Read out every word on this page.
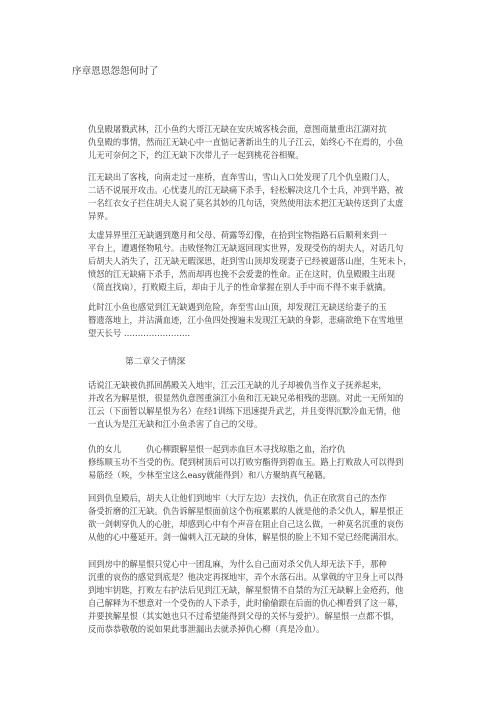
序章恩恩怨怨何时了
仇皇殿屠戮武林，江小鱼约大哥江无缺在安庆城客栈会面，意图商量重出江湖对抗
仇皇殿的事情，然而江无缺心中一直惦记著新出生的儿子江云，始终心不在焉的，小鱼
儿无可奈何之下，约江无缺下次带儿子一起到桃花谷相聚。
江无缺出了客栈，向南走过一座桥，直奔雪山，雪山入口处发现了几个仇皇殿门人，
二话不说展开攻击。心忧妻儿的江无缺痛下杀手，轻松解决这几个士兵，冲到半路，被
一名红衣女子拦住胡夫人说了莫名其妙的几句话，突然使用法术把江无缺传送到了太虚
异界。
太虚异界里江无缺遇到邀月和父母、荷露等幻像，在拾到宝物指路石后顺利来到一
平台上，遭遇怪物吼兮。击败怪物江无缺返回现实世界，发现受伤的胡夫人，对话几句
后胡夫人消失了，江无缺无暇深思，赶到雪山顶却发现妻子已经被逼落山崖，生死未卜，
愤怒的江无缺痛下杀手，然而却再也挽不会爱妻的性命。正在这时，仇皇殿殿主出现
（简直找扁），打败殿主后，却由于儿子的性命掌握在别人手中而不得不束手就擒。
此时江小鱼也感觉到江无缺遇到危险，奔至雪山山顶，却发现江无缺送给妻子的玉
簪遗落地上，并沾满血迹，江小鱼四处搜遍未发现江无缺的身影，悲痛欲绝下在雪地里
望天长号 ……………………
第二章父子情深
话说江无缺被仇抓回鹊殿关入地牢，江云江无缺的儿子却被仇当作义子抚养起来，
并改名为解星恨，很显然仇意图重演江小鱼和江无缺兄弟相残的悲剧。对此一无所知的
江云（下面暂以解星恨为名）在经1训练下迅速提升武艺，并且变得沉默冷血无情，他
一直认为是江无缺和江小鱼杀害了自己的父母。
仇的女儿　　　仇心柳跟解星恨一起到赤血巨木寻找琼脂之血，治疗仇
修练顺玉功不当受的伤。爬到树顶后可以打败穷酯得到碧血玉。路上打败敌人可以得到
易筋经（唉，少林至宝这么easy就能得到）和八方聚纳真气秘籍。
回到仇皇殿后，胡夫人让他们到地牢（大厅左边）去找仇，仇正在欣赏自己的杰作
备受折磨的江无缺。仇告诉解星恨面前这个伤痕累累的人就是他的杀父仇人，解星恨正
欲一剑刺穿仇人的心脏，却感到心中有个声音在阻止自己这么做，一种莫名沉重的哀伤
从他的心中蔓延开。剑一偏刺入江无缺的身体，解星恨的脸上不知不觉已经爬满泪水。
回到房中的解星恨只觉心中一团乱麻，为什么自己面对杀父仇人却无法下手，那种
沉重的哀伤的感觉到底是？他决定再探地牢，弄个水落石出。从掌戟的守卫身上可以得
到地牢钥匙，打败左右护法后见到江无缺，解星恨情不自禁的为江无缺解上金疮药，他
自己解释为不想意对一个受伤的人下杀手，此时偷偷跟在后面的仇心柳看到了这一幕，
并要挟解星恨（其实她也只不过希望能得到父母的关怀与爱护）。解星恨一点都不惧，
反而恭恭敬敬的说如果此事泄漏出去就杀掉仇心柳（真是冷血）。
